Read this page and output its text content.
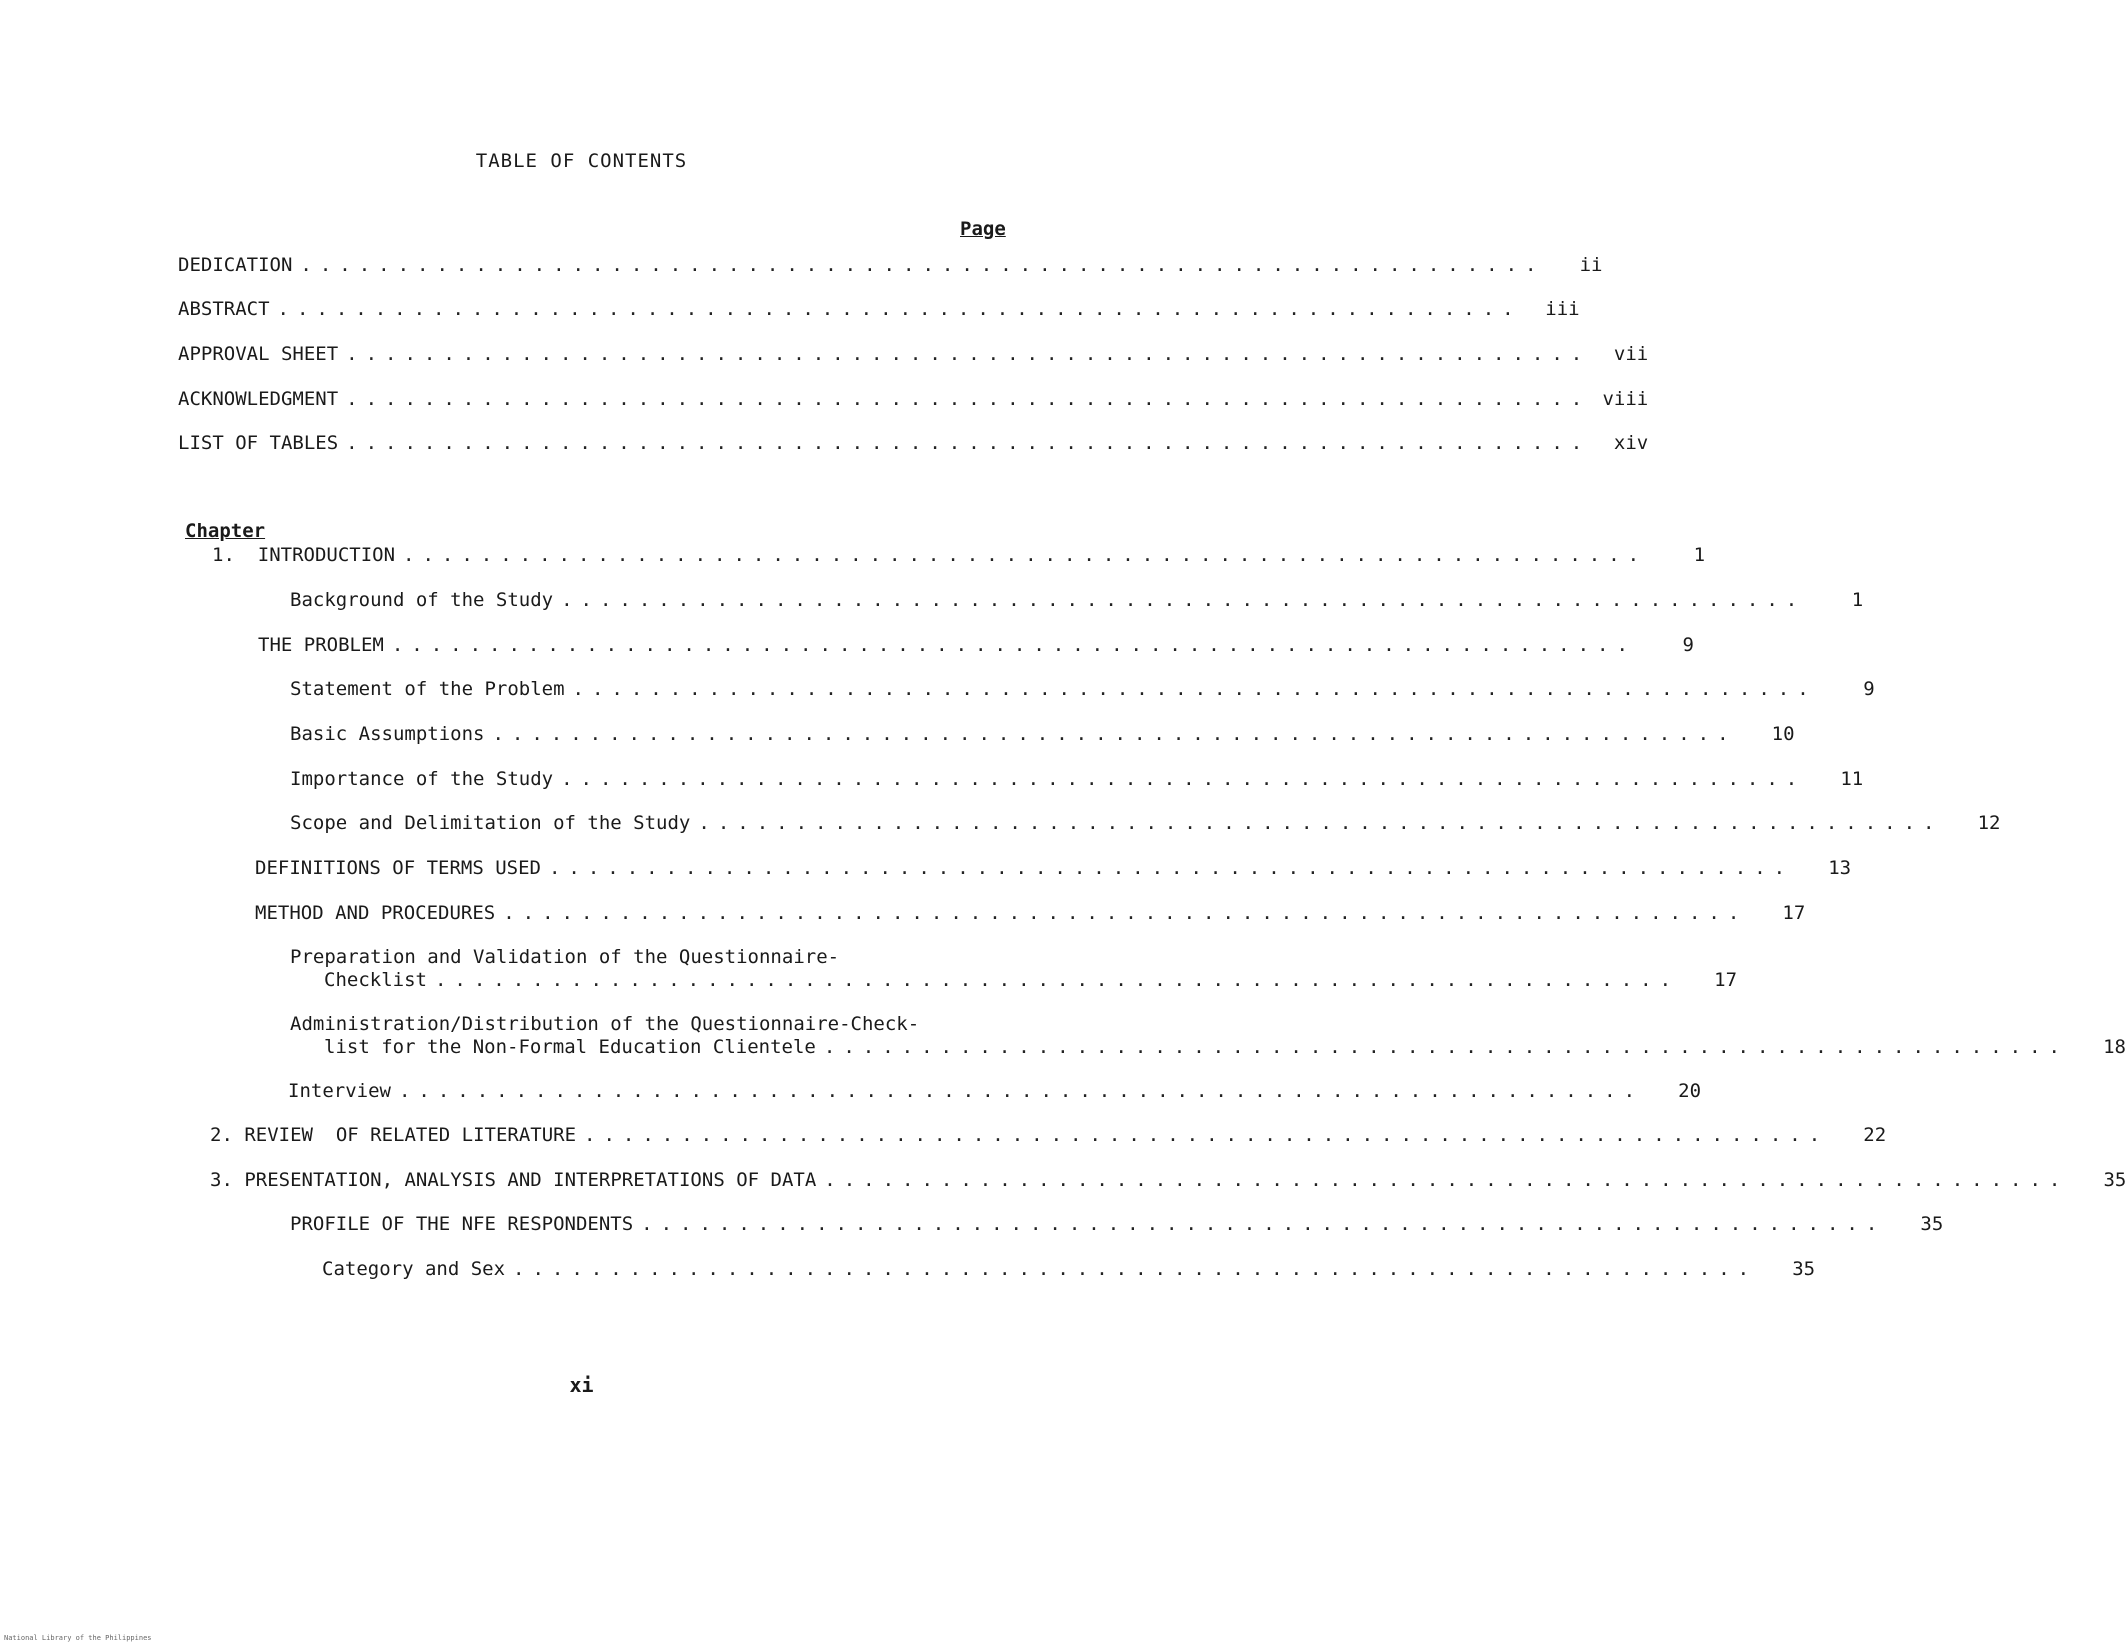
TABLE OF CONTENTS
Page
DEDICATION ................................................................	ii
ABSTRACT ................................................................	iii
APPROVAL SHEET ................................................................	vii
ACKNOWLEDGMENT ................................................................ viii
LIST OF TABLES ................................................................	xiv
Chapter
1.  INTRODUCTION ................................................................	1
Background of the Study ................................................................	1
THE PROBLEM ................................................................	9
Statement of the Problem ................................................................	9
Basic Assumptions ................................................................	10
Importance of the Study ................................................................	11
Scope and Delimitation of the Study ................................................................	12
DEFINITIONS OF TERMS USED ................................................................	13
METHOD AND PROCEDURES ................................................................	17
Preparation and Validation of the Questionnaire-
Checklist ................................................................	17
Administration/Distribution of the Questionnaire-Check-
list for the Non-Formal Education Clientele ................................................................	18
Interview ................................................................	20
2. REVIEW  OF RELATED LITERATURE ................................................................	22
3. PRESENTATION, ANALYSIS AND INTERPRETATIONS OF DATA ................................................................	35
PROFILE OF THE NFE RESPONDENTS ................................................................	35
Category and Sex ................................................................	35
xi
National Library of the Philippines
